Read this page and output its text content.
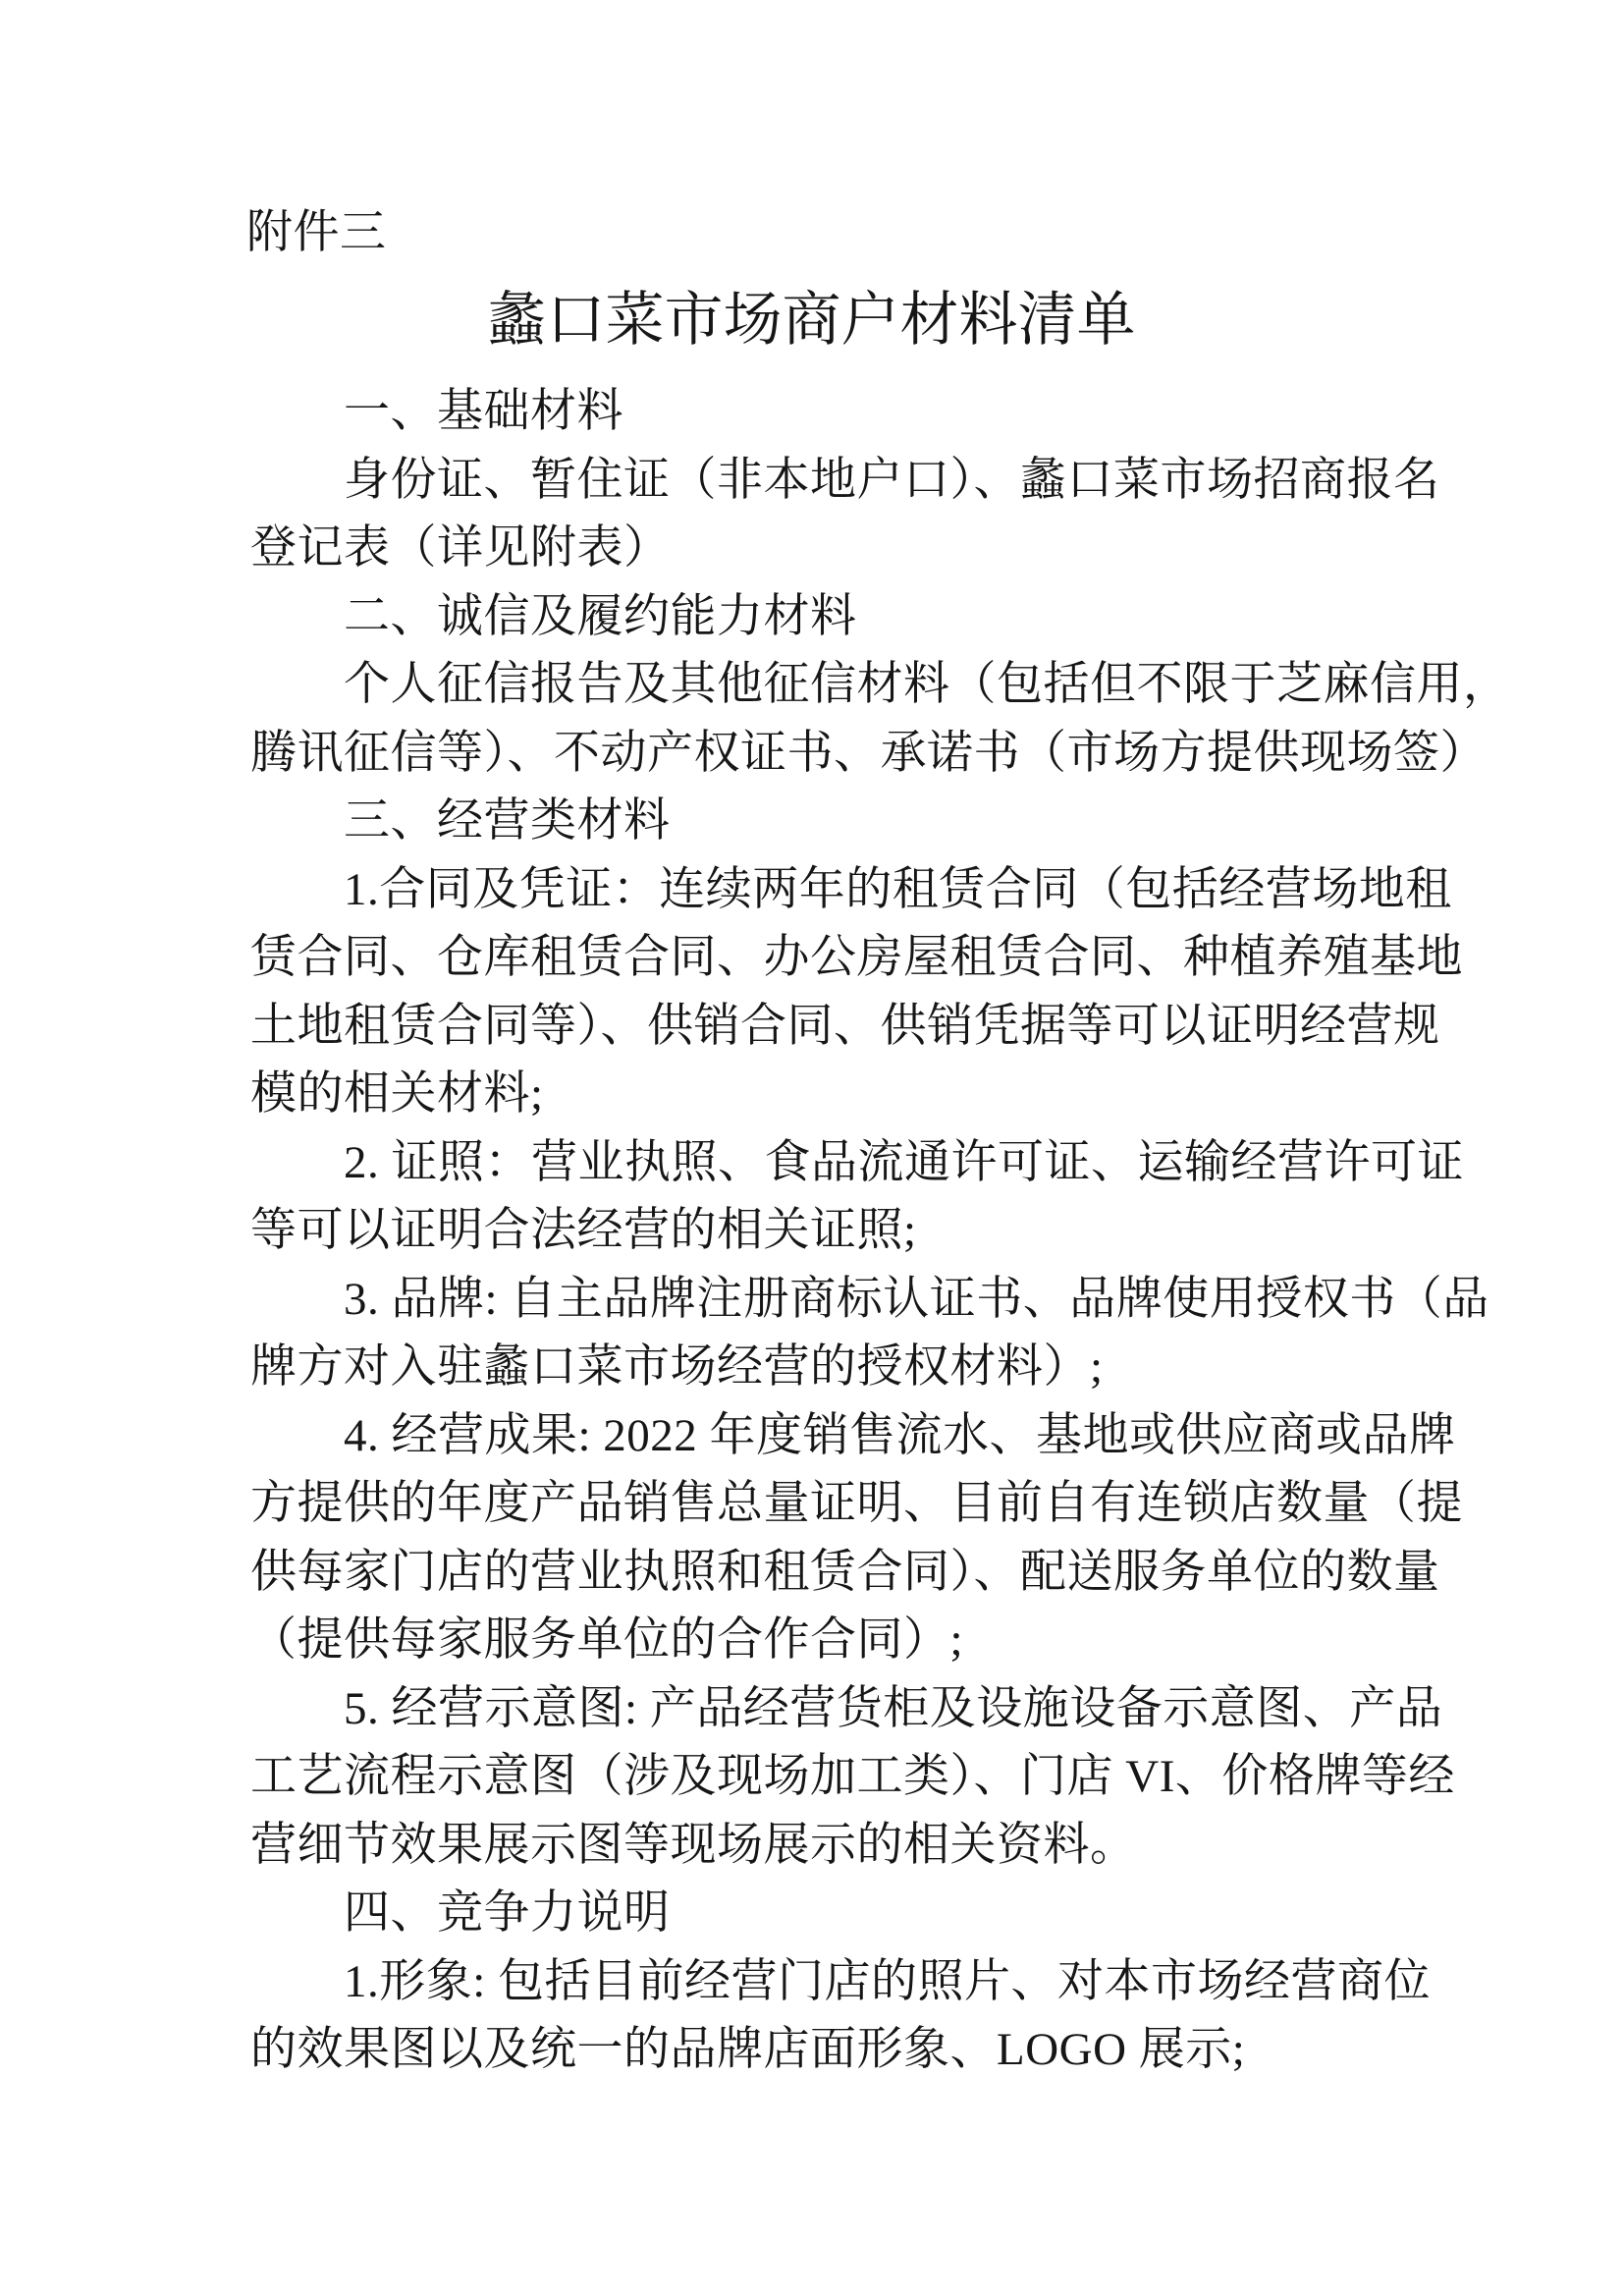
附件三
蠡口菜市场商户材料清单
一、基础材料
身份证、暂住证（非本地户口）、蠡口菜市场招商报名
登记表（详见附表）
二、诚信及履约能力材料
个人征信报告及其他征信材料（包括但不限于芝麻信用，
腾讯征信等）、不动产权证书、承诺书（市场方提供现场签）
三、经营类材料
1.合同及凭证：连续两年的租赁合同（包括经营场地租
赁合同、仓库租赁合同、办公房屋租赁合同、种植养殖基地
土地租赁合同等）、供销合同、供销凭据等可以证明经营规
模的相关材料;
2. 证照：营业执照、食品流通许可证、运输经营许可证
等可以证明合法经营的相关证照;
3. 品牌: 自主品牌注册商标认证书、品牌使用授权书（品
牌方对入驻蠡口菜市场经营的授权材料）;
4. 经营成果: 2022 年度销售流水、基地或供应商或品牌
方提供的年度产品销售总量证明、目前自有连锁店数量（提
供每家门店的营业执照和租赁合同）、配送服务单位的数量
（提供每家服务单位的合作合同）;
5. 经营示意图: 产品经营货柜及设施设备示意图、产品
工艺流程示意图（涉及现场加工类）、门店 VI、价格牌等经
营细节效果展示图等现场展示的相关资料。
四、竞争力说明
1.形象: 包括目前经营门店的照片、对本市场经营商位
的效果图以及统一的品牌店面形象、LOGO 展示;
